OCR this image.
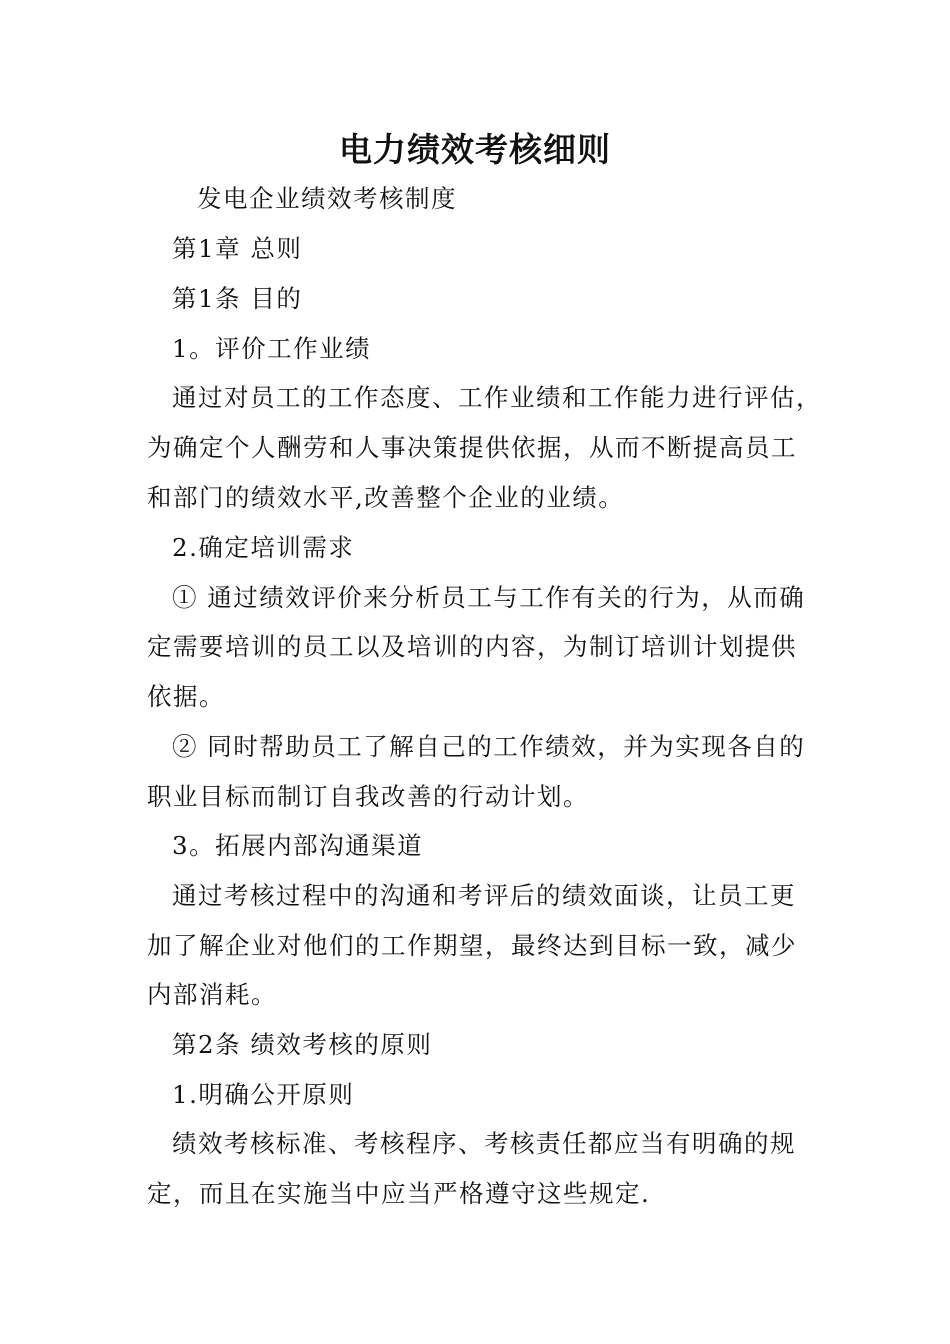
电力绩效考核细则

发电企业绩效考核制度

第1章 总则

第1条 目的

1。评价工作业绩

通过对员工的工作态度、工作业绩和工作能力进行评估，

为确定个人酬劳和人事决策提供依据，从而不断提高员工

和部门的绩效水平,改善整个企业的业绩。

2.确定培训需求

① 通过绩效评价来分析员工与工作有关的行为，从而确

定需要培训的员工以及培训的内容，为制订培训计划提供

依据。

② 同时帮助员工了解自己的工作绩效，并为实现各自的

职业目标而制订自我改善的行动计划。

3。拓展内部沟通渠道

通过考核过程中的沟通和考评后的绩效面谈，让员工更

加了解企业对他们的工作期望，最终达到目标一致，减少

内部消耗。

第2条 绩效考核的原则

1.明确公开原则

绩效考核标准、考核程序、考核责任都应当有明确的规

定，而且在实施当中应当严格遵守这些规定.
